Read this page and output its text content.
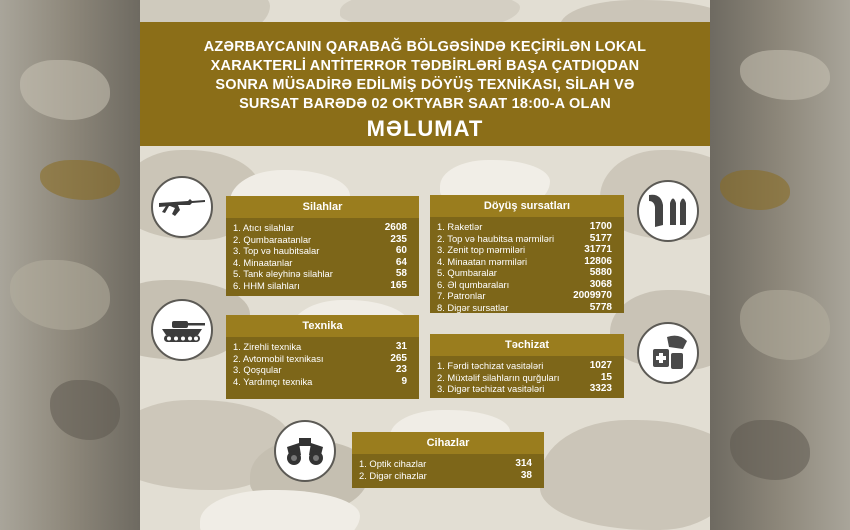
AZƏRBAYCANIN QARABAĞ BÖLGƏSİNDƏ KEÇİRİLƏN LOKAL
XARAKTERLİ ANTİTERROR TƏDBİRLƏRİ BAŞA ÇATDIQDAN
SONRA MÜSADİRƏ EDİLMİŞ DÖYÜŞ TEXNİKASI, SİLAH VƏ
SURSAT BARƏDƏ 02 OKTYABR SAAT 18:00-A OLAN
MƏLUMAT
Silahlar
1. Atıcı silahlar	2608
2. Qumbaraatanlar	235
3. Top və haubitsalar	60
4. Minaatanlar	64
5. Tank əleyhinə silahlar	58
6. HHM silahları	165
Döyüş sursatları
1. Raketlər	1700
2. Top və haubitsa mərmiləri	5177
3. Zenit top mərmiləri	31771
4. Minaatan mərmiləri	12806
5. Qumbaralar	5880
6. Əl qumbaraları	3068
7. Patronlar	2009970
8. Digər sursatlar	5778
Texnika
1. Zirehli texnika	31
2. Avtomobil texnikası	265
3. Qoşqular	23
4. Yardımçı texnika	9
Təchizat
1. Fərdi təchizat vasitələri	1027
2. Müxtəlif silahların qurğuları	15
3. Digər təchizat vasitələri	3323
Cihazlar
1. Optik cihazlar	314
2. Digər cihazlar	38
